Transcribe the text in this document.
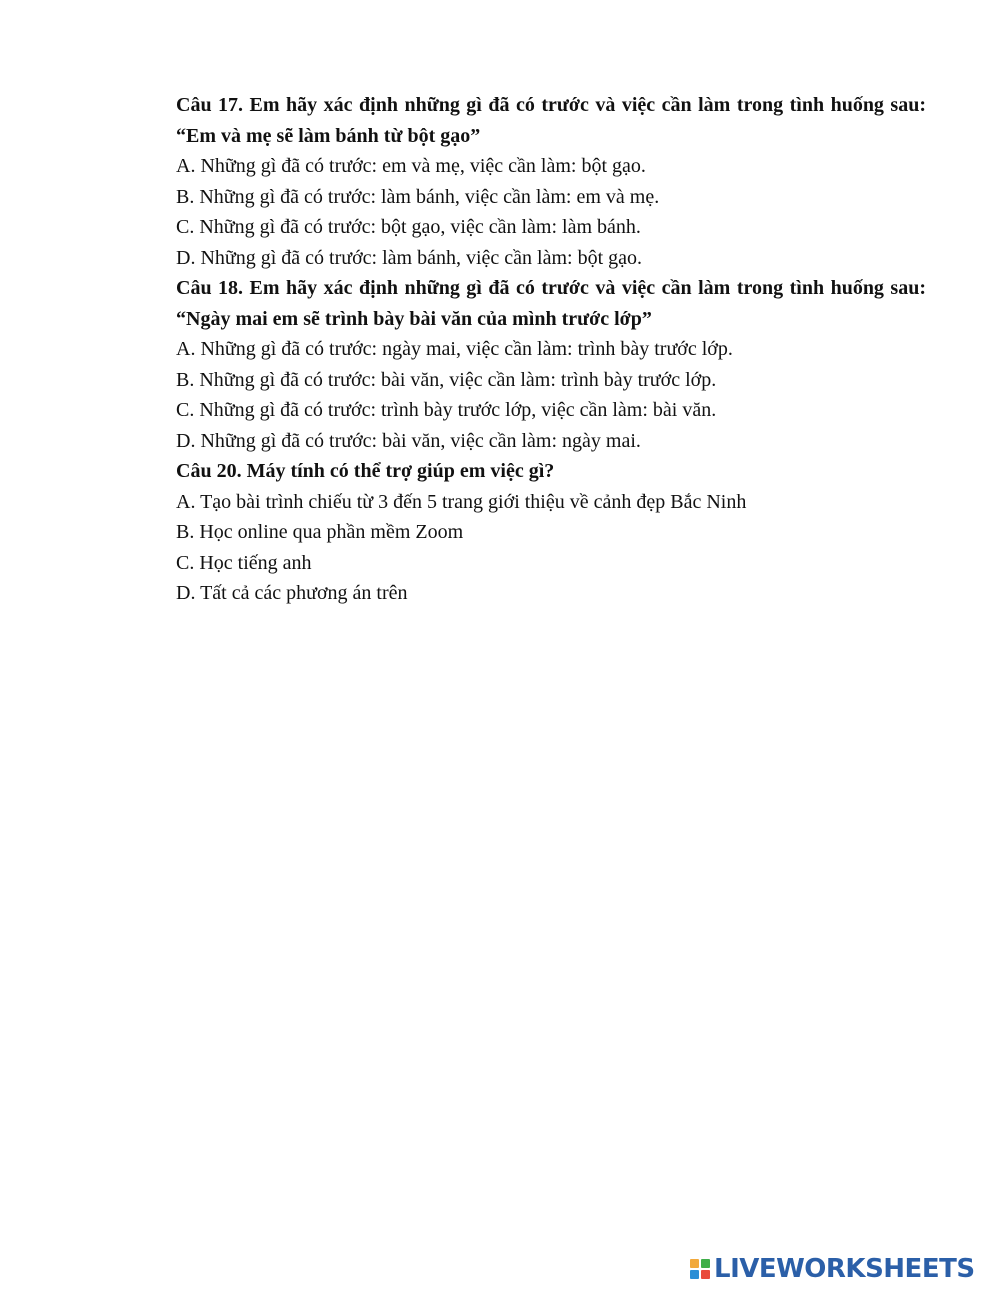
Câu 17. Em hãy xác định những gì đã có trước và việc cần làm trong tình huống sau: “Em và mẹ sẽ làm bánh từ bột gạo”
A. Những gì đã có trước: em và mẹ, việc cần làm: bột gạo.
B. Những gì đã có trước: làm bánh, việc cần làm: em và mẹ.
C. Những gì đã có trước: bột gạo, việc cần làm: làm bánh.
D. Những gì đã có trước: làm bánh, việc cần làm: bột gạo.
Câu 18. Em hãy xác định những gì đã có trước và việc cần làm trong tình huống sau: “Ngày mai em sẽ trình bày bài văn của mình trước lớp”
A. Những gì đã có trước: ngày mai, việc cần làm: trình bày trước lớp.
B. Những gì đã có trước: bài văn, việc cần làm: trình bày trước lớp.
C. Những gì đã có trước: trình bày trước lớp, việc cần làm: bài văn.
D. Những gì đã có trước: bài văn, việc cần làm: ngày mai.
Câu 20. Máy tính có thể trợ giúp em việc gì?
A. Tạo bài trình chiếu từ 3 đến 5 trang giới thiệu về cảnh đẹp Bắc Ninh
B. Học online qua phần mềm Zoom
C. Học tiếng anh
D. Tất cả các phương án trên
LIVEWORKSHEETS
